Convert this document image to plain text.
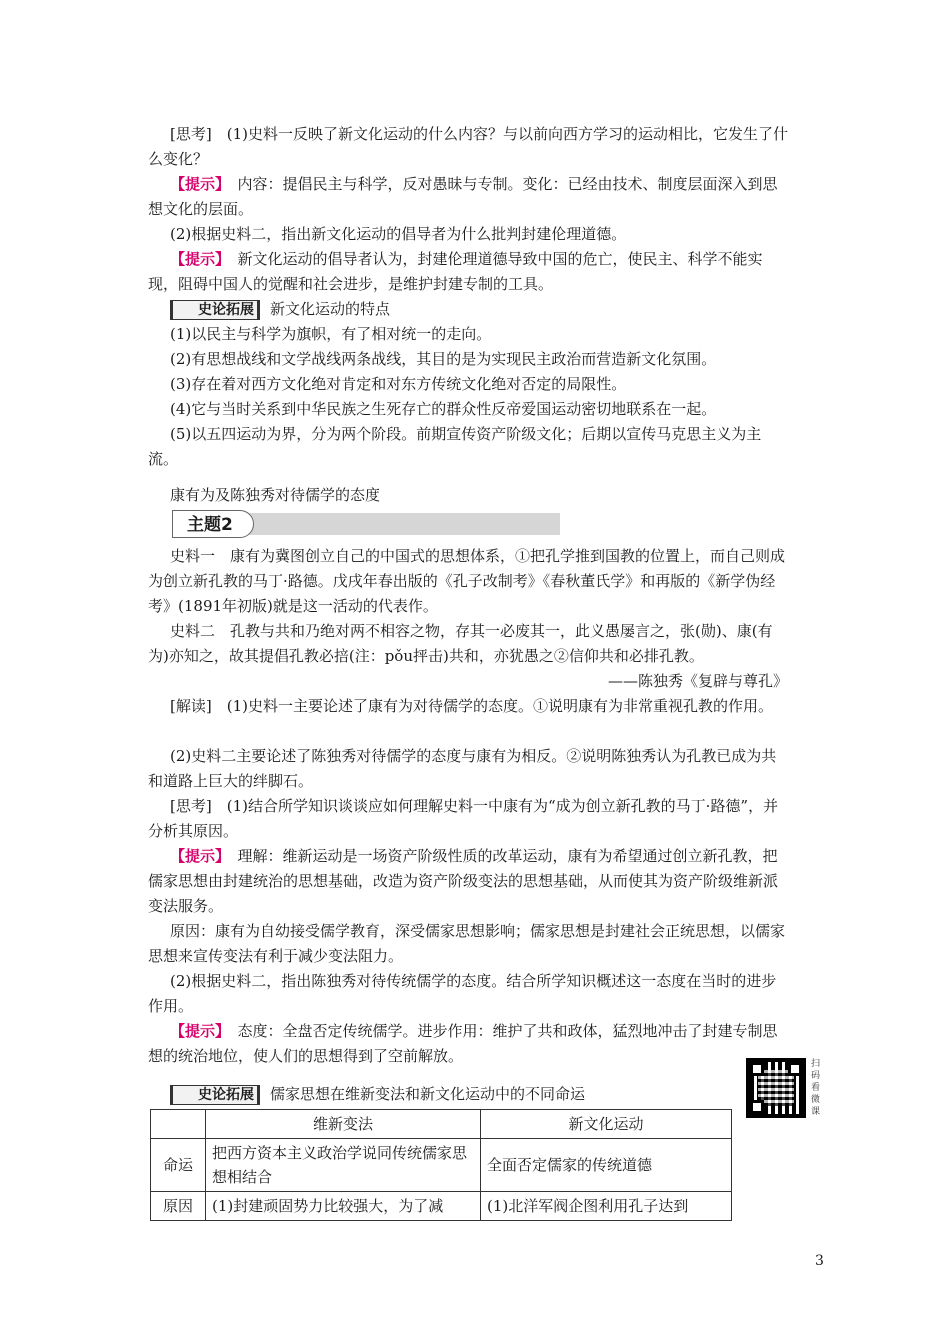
[思考]　 (1)史料一反映了新文化运动的什么内容？与以前向西方学习的运动相比，它发生了什么变化？

【提示】　 内容：提倡民主与科学，反对愚昧与专制。变化：已经由技术、制度层面深入到思想文化的层面。

(2)根据史料二，指出新文化运动的倡导者为什么批判封建伦理道德。

【提示】　 新文化运动的倡导者认为，封建伦理道德导致中国的危亡，使民主、科学不能实现，阻碍中国人的觉醒和社会进步，是维护封建专制的工具。

史论拓展 新文化运动的特点

(1)以民主与科学为旗帜，有了相对统一的走向。

(2)有思想战线和文学战线两条战线，其目的是为实现民主政治而营造新文化氛围。

(3)存在着对西方文化绝对肯定和对东方传统文化绝对否定的局限性。

(4)它与当时关系到中华民族之生死存亡的群众性反帝爱国运动密切地联系在一起。

(5)以五四运动为界，分为两个阶段。前期宣传资产阶级文化；后期以宣传马克思主义为主流。

康有为及陈独秀对待儒学的态度

主题2

史料一　康有为冀图创立自己的中国式的思想体系，①把孔学推到国教的位置上，而自己则成为创立新孔教的马丁·路德。戊戌年春出版的《孔子改制考》《春秋董氏学》和再版的《新学伪经考》(1891年初版)就是这一活动的代表作。

史料二　孔教与共和乃绝对两不相容之物，存其一必废其一，此义愚屡言之，张(勋)、康(有为)亦知之，故其提倡孔教必掊(注：pǒu抨击)共和，亦犹愚之②信仰共和必排孔教。

——陈独秀《复辟与尊孔》

[解读]　 (1)史料一主要论述了康有为对待儒学的态度。①说明康有为非常重视孔教的作用。

(2)史料二主要论述了陈独秀对待儒学的态度与康有为相反。②说明陈独秀认为孔教已成为共和道路上巨大的绊脚石。

[思考]　 (1)结合所学知识谈谈应如何理解史料一中康有为“成为创立新孔教的马丁·路德”，并分析其原因。

【提示】　 理解：维新运动是一场资产阶级性质的改革运动，康有为希望通过创立新孔教，把儒家思想由封建统治的思想基础，改造为资产阶级变法的思想基础，从而使其为资产阶级维新派变法服务。

原因：康有为自幼接受儒学教育，深受儒家思想影响；儒家思想是封建社会正统思想，以儒家思想来宣传变法有利于减少变法阻力。

(2)根据史料二，指出陈独秀对待传统儒学的态度。结合所学知识概述这一态度在当时的进步作用。

【提示】　 态度：全盘否定传统儒学。进步作用：维护了共和政体，猛烈地冲击了封建专制思想的统治地位，使人们的思想得到了空前解放。	扫码看微课

史论拓展 儒家思想在维新变法和新文化运动中的不同命运

	维新变法	新文化运动
命运	把西方资本主义政治学说同传统儒家思想相结合	全面否定儒家的传统道德
原因	(1)封建顽固势力比较强大，为了减	(1)北洋军阀企图利用孔子达到
3
